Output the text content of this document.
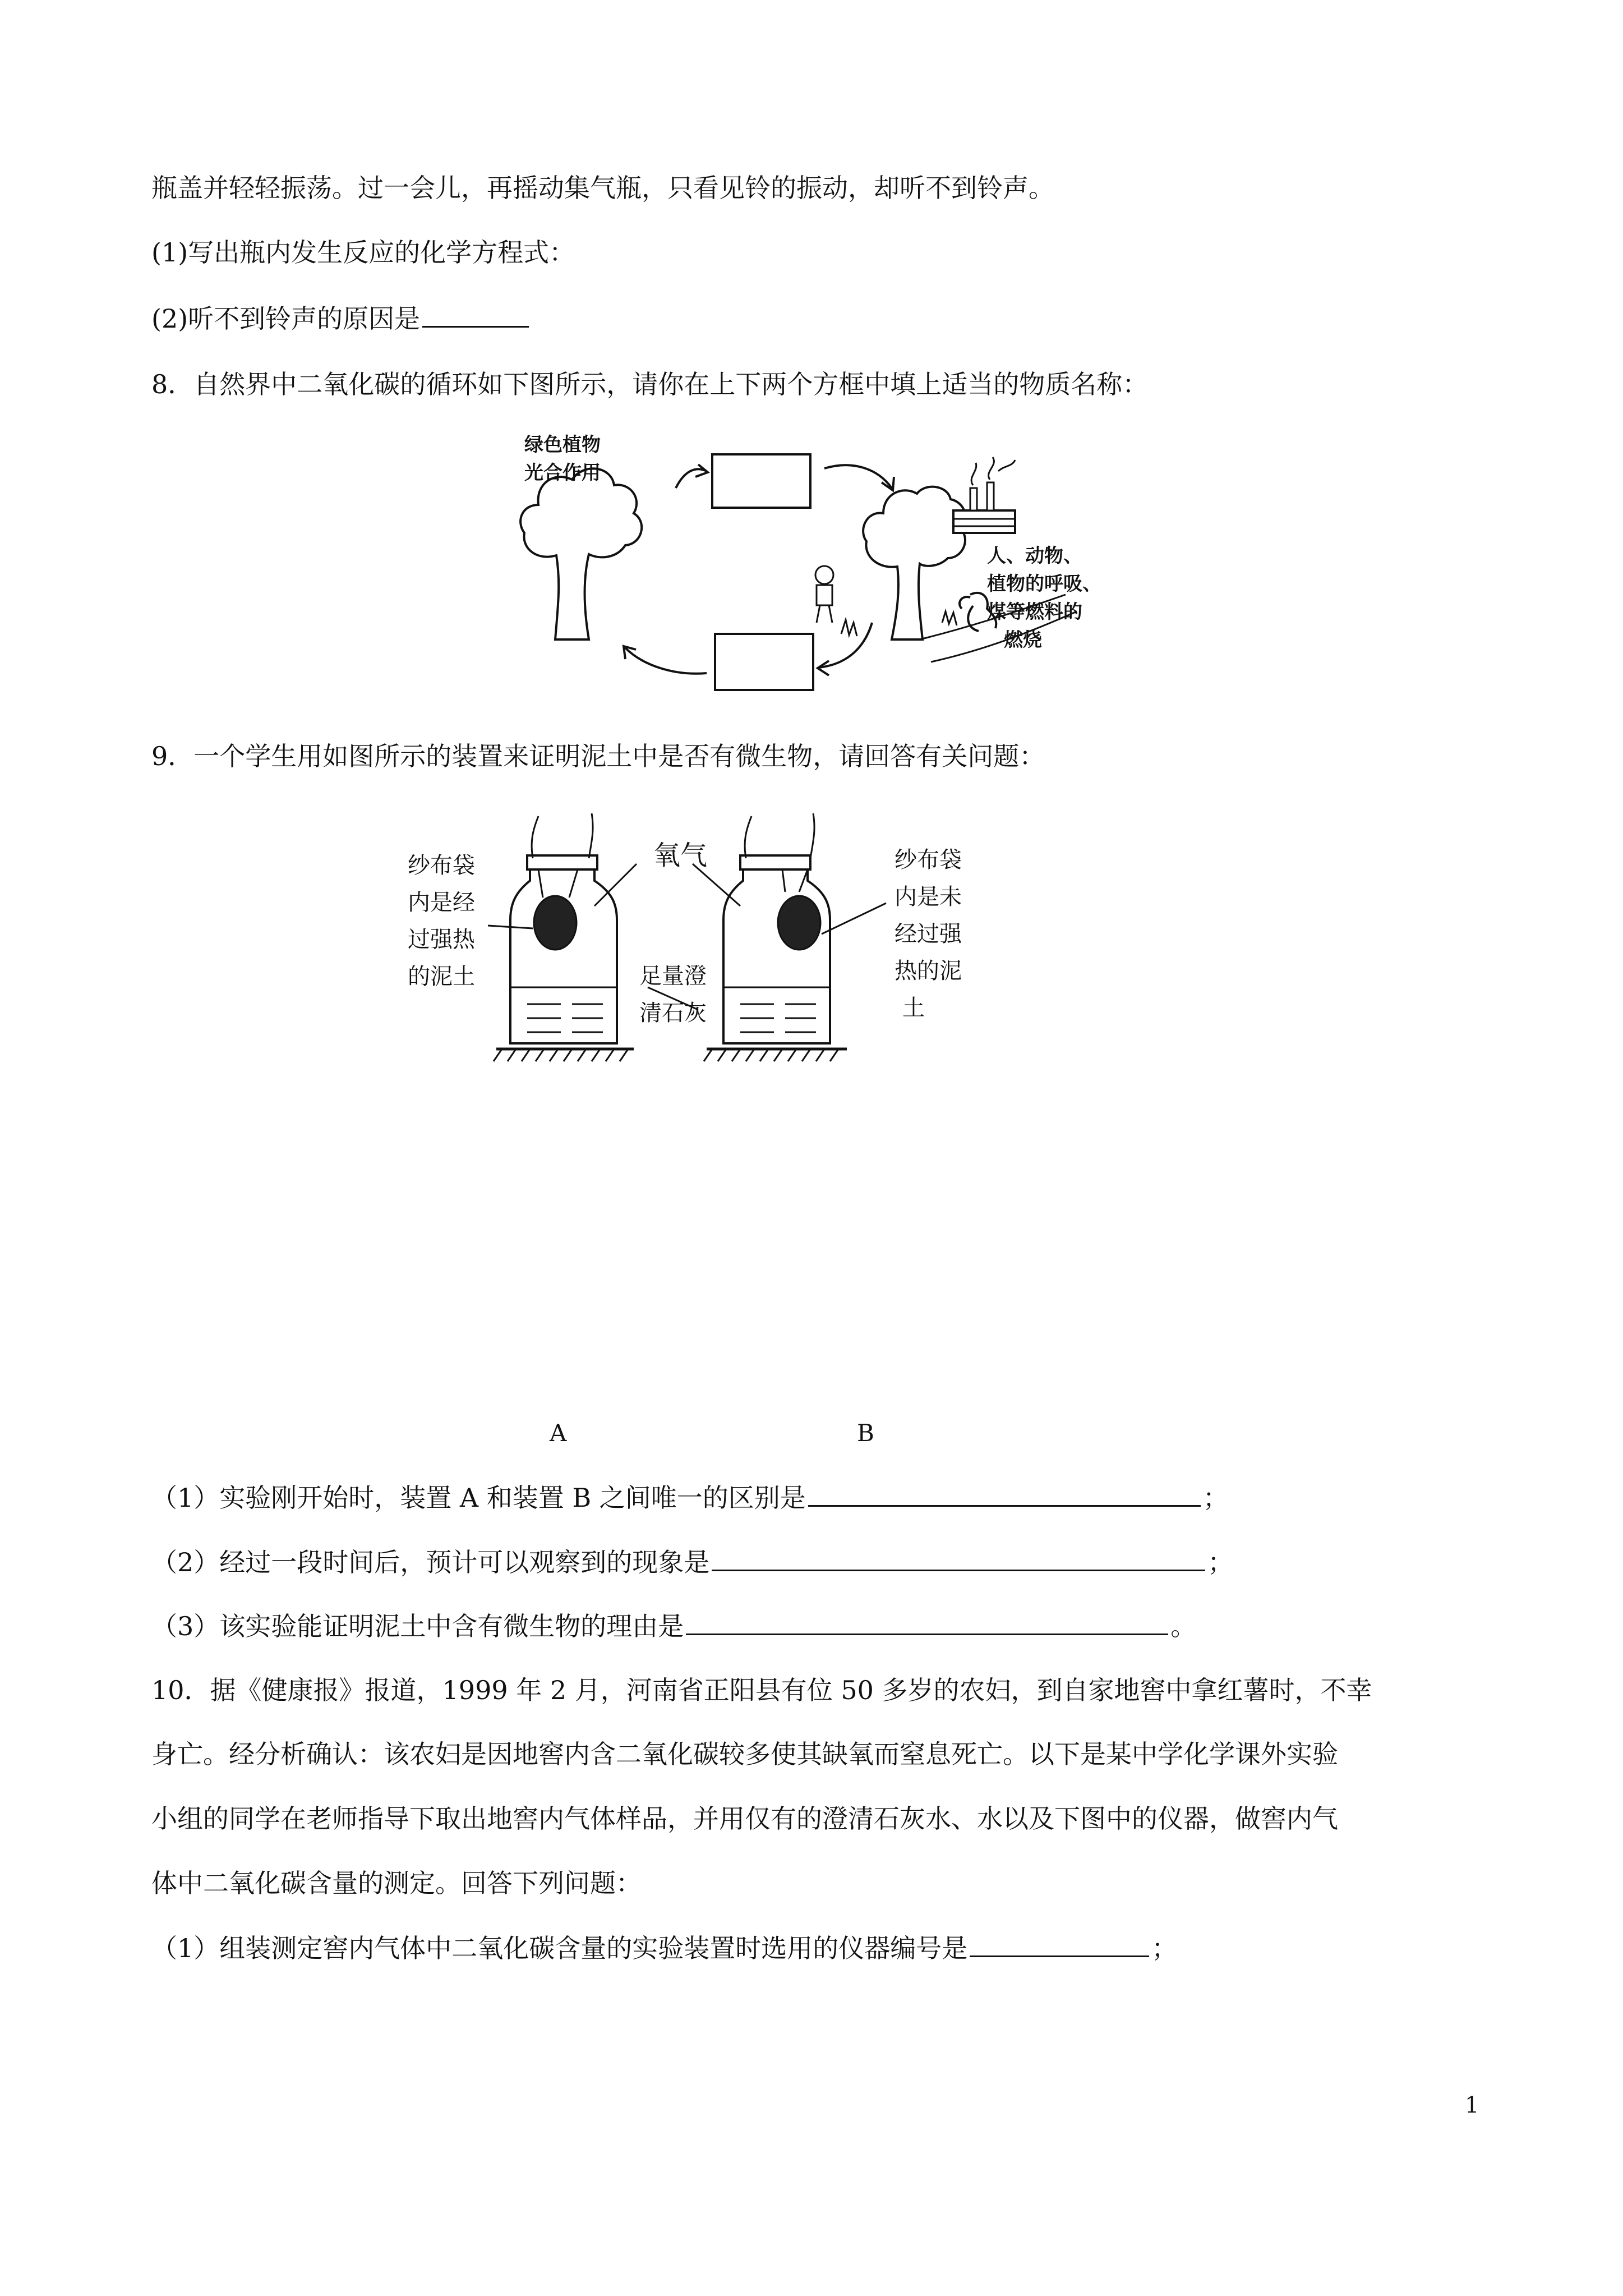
瓶盖并轻轻振荡。过一会儿，再摇动集气瓶，只看见铃的振动，却听不到铃声。
(1)写出瓶内发生反应的化学方程式：
(2)听不到铃声的原因是
8．自然界中二氧化碳的循环如下图所示，请你在上下两个方框中填上适当的物质名称：
绿色植物
光合作用
人、动物、
植物的呼吸、
煤等燃料的
燃烧
9．一个学生用如图所示的装置来证明泥土中是否有微生物，请回答有关问题：
纱布袋
内是经
过强热
的泥土
氧气
足量澄
清石灰
纱布袋
内是未
经过强
热的泥
土
A	B
（1）实验刚开始时，装置 A 和装置 B 之间唯一的区别是	；
（2）经过一段时间后，预计可以观察到的现象是	；
（3）该实验能证明泥土中含有微生物的理由是	。
10．据《健康报》报道，1999 年 2 月，河南省正阳县有位 50 多岁的农妇，到自家地窖中拿红薯时，不幸
身亡。经分析确认：该农妇是因地窖内含二氧化碳较多使其缺氧而窒息死亡。以下是某中学化学课外实验
小组的同学在老师指导下取出地窖内气体样品，并用仅有的澄清石灰水、水以及下图中的仪器，做窖内气
体中二氧化碳含量的测定。回答下列问题：
（1）组装测定窖内气体中二氧化碳含量的实验装置时选用的仪器编号是	；
1
